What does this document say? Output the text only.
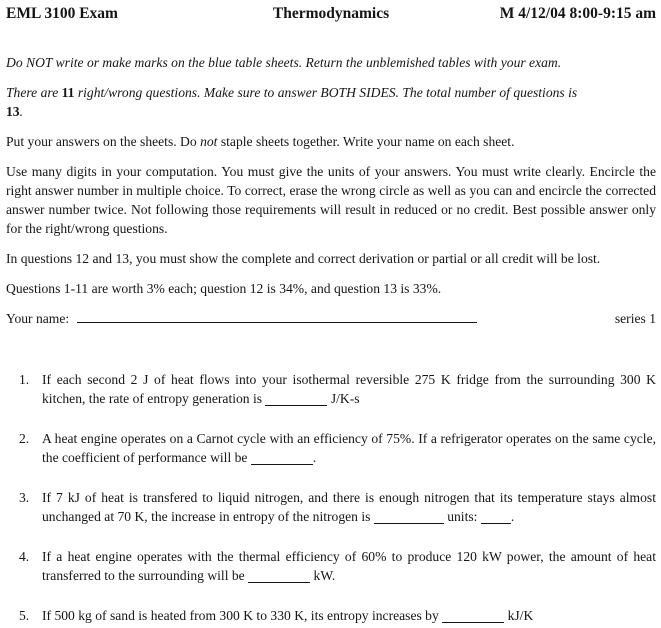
EML 3100 Exam	Thermodynamics	M 4/12/04 8:00-9:15 am

Do NOT write or make marks on the blue table sheets. Return the unblemished tables with your exam.

There are 11 right/wrong questions. Make sure to answer BOTH SIDES. The total number of questions is
13.

Put your answers on the sheets. Do not staple sheets together. Write your name on each sheet.

Use many digits in your computation. You must give the units of your answers. You must write clearly. Encircle the right answer number in multiple choice. To correct, erase the wrong circle as well as you can and encircle the corrected answer number twice. Not following those requirements will result in reduced or no credit. Best possible answer only for the right/wrong questions.

In questions 12 and 13, you must show the complete and correct derivation or partial or all credit will be lost.

Questions 1-11 are worth 3% each; question 12 is 34%, and question 13 is 33%.

Your name:	series 1
1. If each second 2 J of heat flows into your isothermal reversible 275 K fridge from the surrounding 300 K kitchen, the rate of entropy generation is	J/K-s
2. A heat engine operates on a Carnot cycle with an efficiency of 75%. If a refrigerator operates on the same cycle, the coefficient of performance will be	.
3. If 7 kJ of heat is transfered to liquid nitrogen, and there is enough nitrogen that its temperature stays almost unchanged at 70 K, the increase in entropy of the nitrogen is	units: .
4. If a heat engine operates with the thermal efficiency of 60% to produce 120 kW power, the amount of heat transferred to the surrounding will be	kW.
5. If 500 kg of sand is heated from 300 K to 330 K, its entropy increases by	kJ/K
